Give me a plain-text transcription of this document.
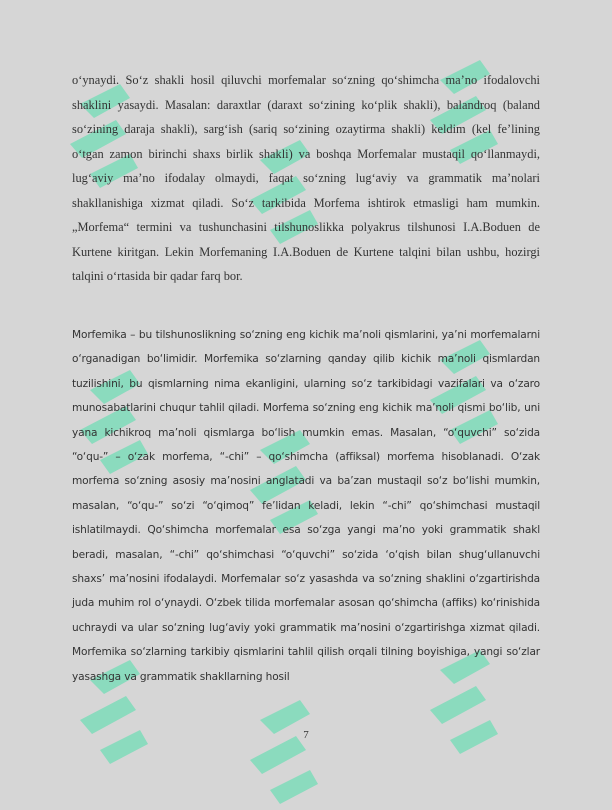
o‘ynaydi. So‘z shakli hosil qiluvchi morfemalar so‘zning qo‘shimcha ma’no ifodalovchi shaklini yasaydi. Masalan: daraxtlar (daraxt so‘zining ko‘plik shakli), balandroq (baland so‘zining daraja shakli), sarg‘ish (sariq so‘zining ozaytirma shakli) keldim (kel fe’lining o‘tgan zamon birinchi shaxs birlik shakli) va boshqa Morfemalar mustaqil qo‘llanmaydi, lug‘aviy ma’no ifodalay olmaydi, faqat so‘zning lug‘aviy va grammatik ma’nolari shakllanishiga xizmat qiladi. So‘z tarkibida Morfema ishtirok etmasligi ham mumkin. „Morfema“ termini va tushunchasini tilshunoslikka polyakrus tilshunosi I.A.Boduen de Kurtene kiritgan. Lekin Morfemaning I.A.Boduen de Kurtene talqini bilan ushbu, hozirgi talqini o‘rtasida bir qadar farq bor.

Morfemika – bu tilshunoslikning so‘zning eng kichik ma’noli qismlarini, ya’ni morfemalarni o‘rganadigan bo‘limidir. Morfemika so‘zlarning qanday qilib kichik ma’noli qismlardan tuzilishini, bu qismlarning nima ekanligini, ularning so‘z tarkibidagi vazifalari va o‘zaro munosabatlarini chuqur tahlil qiladi. Morfema so‘zning eng kichik ma’noli qismi bo‘lib, uni yana kichikroq ma’noli qismlarga bo‘lish mumkin emas. Masalan, “o‘quvchi” so‘zida “o‘qu-” – o‘zak morfema, “-chi” – qo‘shimcha (affiksal) morfema hisoblanadi. O‘zak morfema so‘zning asosiy ma’nosini anglatadi va ba’zan mustaqil so‘z bo‘lishi mumkin, masalan, “o‘qu-” so‘zi “o‘qimoq” fe’lidan keladi, lekin “-chi” qo‘shimchasi mustaqil ishlatilmaydi. Qo‘shimcha morfemalar esa so‘zga yangi ma’no yoki grammatik shakl beradi, masalan, “-chi” qo‘shimchasi “o‘quvchi” so‘zida ‘o‘qish bilan shug‘ullanuvchi shaxs’ ma’nosini ifodalaydi. Morfemalar so‘z yasashda va so‘zning shaklini o‘zgartirishda juda muhim rol o‘ynaydi. O‘zbek tilida morfemalar asosan qo‘shimcha (affiks) ko‘rinishida uchraydi va ular so‘zning lug‘aviy yoki grammatik ma’nosini o‘zgartirishga xizmat qiladi. Morfemika so‘zlarning tarkibiy qismlarini tahlil qilish orqali tilning boyishiga, yangi so‘zlar yasashga va grammatik shakllarning hosil

7
